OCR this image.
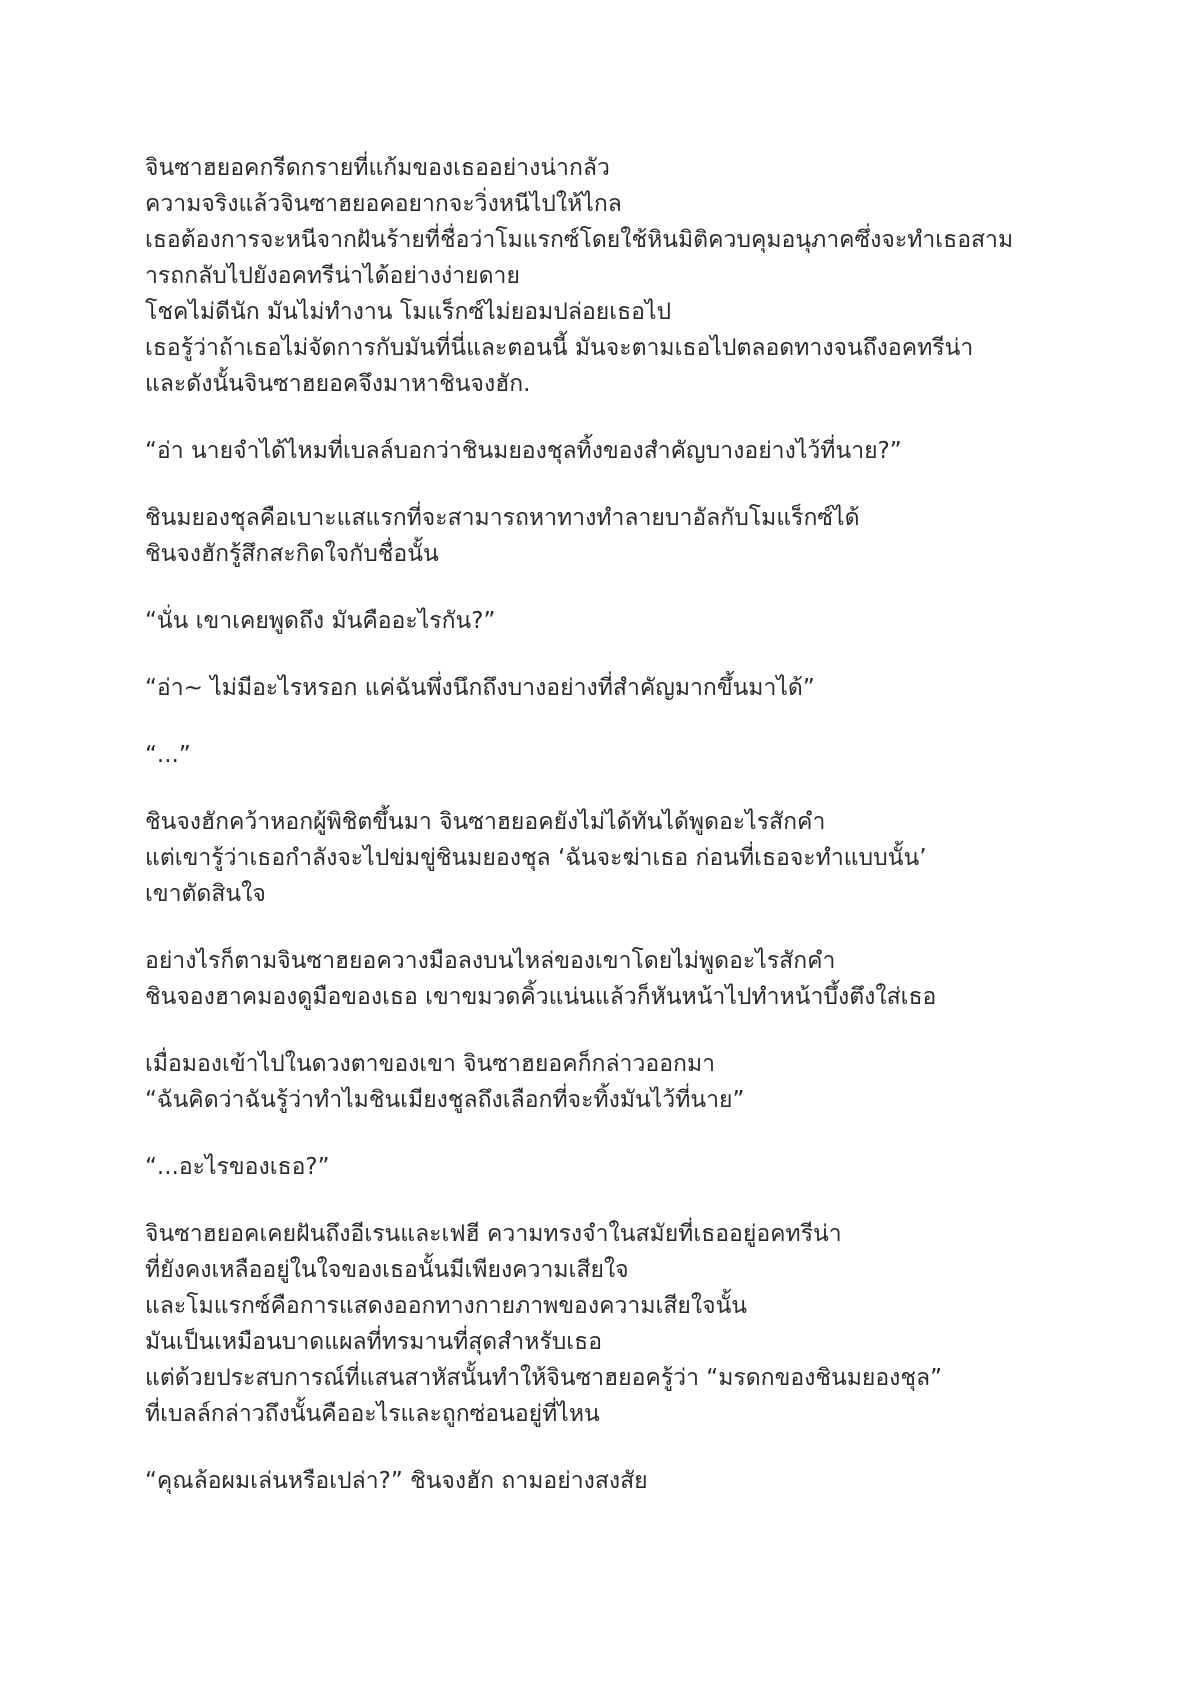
จินซาฮยอคกรีดกรายที่แก้มของเธออย่างน่ากลัว
ความจริงแล้วจินซาฮยอคอยากจะวิ่งหนีไปให้ไกล
เธอต้องการจะหนีจากฝันร้ายที่ชื่อว่าโมแรกซ์โดยใช้หินมิติควบคุมอนุภาคซึ่งจะทำเธอสาม
ารถกลับไปยังอคทรีน่าได้อย่างง่ายดาย
โชคไม่ดีนัก มันไม่ทำงาน โมแร็กซ์ไม่ยอมปล่อยเธอไป
เธอรู้ว่าถ้าเธอไม่จัดการกับมันที่นี่และตอนนี้ มันจะตามเธอไปตลอดทางจนถึงอคทรีน่า
และดังนั้นจินซาฮยอคจึงมาหาชินจงฮัก.

“อ่า นายจำได้ไหมที่เบลล์บอกว่าชินมยองชุลทิ้งของสำคัญบางอย่างไว้ที่นาย?”

ชินมยองชุลคือเบาะแสแรกที่จะสามารถหาทางทำลายบาอัลกับโมแร็กซ์ได้
ชินจงฮักรู้สึกสะกิดใจกับชื่อนั้น

“นั่น เขาเคยพูดถึง มันคืออะไรกัน?”

“อ่า~ ไม่มีอะไรหรอก แค่ฉันพึ่งนึกถึงบางอย่างที่สำคัญมากขึ้นมาได้”

“...”

ชินจงฮักคว้าหอกผู้พิชิตขึ้นมา จินซาฮยอคยังไม่ได้ทันได้พูดอะไรสักคำ
แต่เขารู้ว่าเธอกำลังจะไปข่มขู่ชินมยองชุล ‘ฉันจะฆ่าเธอ ก่อนที่เธอจะทำแบบนั้น’
เขาตัดสินใจ

อย่างไรก็ตามจินซาฮยอควางมือลงบนไหล่ของเขาโดยไม่พูดอะไรสักคำ
ชินจองฮาคมองดูมือของเธอ เขาขมวดคิ้วแน่นแล้วก็หันหน้าไปทำหน้าบึ้งตึงใส่เธอ

เมื่อมองเข้าไปในดวงตาของเขา จินซาฮยอคก็กล่าวออกมา
“ฉันคิดว่าฉันรู้ว่าทำไมชินเมียงชูลถึงเลือกที่จะทิ้งมันไว้ที่นาย”

“...อะไรของเธอ?”

จินซาฮยอคเคยฝันถึงอีเรนและเฟฮี ความทรงจำในสมัยที่เธออยู่อคทรีน่า
ที่ยังคงเหลืออยู่ในใจของเธอนั้นมีเพียงความเสียใจ
และโมแรกซ์คือการแสดงออกทางกายภาพของความเสียใจนั้น
มันเป็นเหมือนบาดแผลที่ทรมานที่สุดสำหรับเธอ
แต่ด้วยประสบการณ์ที่แสนสาหัสนั้นทำให้จินซาฮยอครู้ว่า “มรดกของชินมยองชุล”
ที่เบลล์กล่าวถึงนั้นคืออะไรและถูกซ่อนอยู่ที่ไหน

“คุณล้อผมเล่นหรือเปล่า?” ชินจงฮัก ถามอย่างสงสัย
